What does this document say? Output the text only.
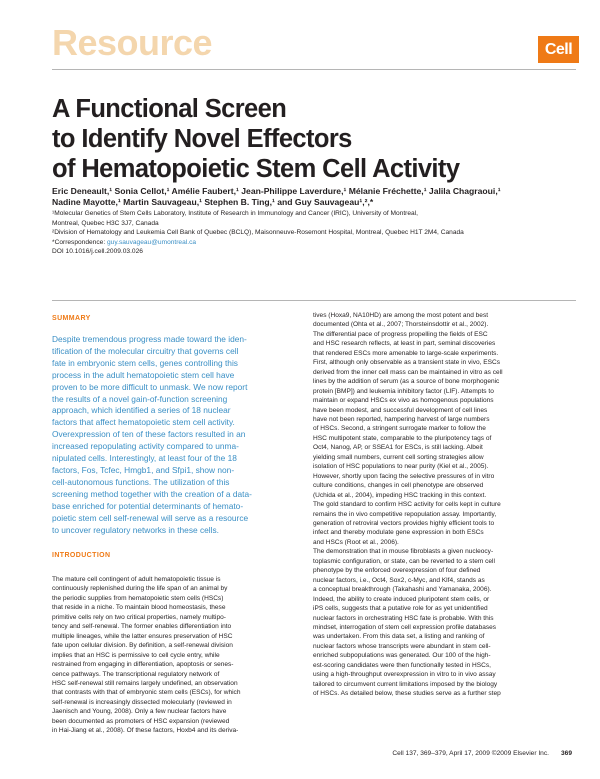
Resource	Cell
A Functional Screen
to Identify Novel Effectors
of Hematopoietic Stem Cell Activity
Eric Deneault,¹ Sonia Cellot,¹ Amélie Faubert,¹ Jean-Philippe Laverdure,¹ Mélanie Fréchette,¹ Jalila Chagraoui,¹
Nadine Mayotte,¹ Martin Sauvageau,¹ Stephen B. Ting,¹ and Guy Sauvageau¹,²,*
¹Molecular Genetics of Stem Cells Laboratory, Institute of Research in Immunology and Cancer (IRIC), University of Montreal,
Montreal, Quebec H3C 3J7, Canada
²Division of Hematology and Leukemia Cell Bank of Quebec (BCLQ), Maisonneuve-Rosemont Hospital, Montreal, Quebec H1T 2M4, Canada
*Correspondence: guy.sauvageau@umontreal.ca
DOI 10.1016/j.cell.2009.03.026
SUMMARY
Despite tremendous progress made toward the iden-
tification of the molecular circuitry that governs cell
fate in embryonic stem cells, genes controlling this
process in the adult hematopoietic stem cell have
proven to be more difficult to unmask. We now report
the results of a novel gain-of-function screening
approach, which identified a series of 18 nuclear
factors that affect hematopoietic stem cell activity.
Overexpression of ten of these factors resulted in an
increased repopulating activity compared to unma-
nipulated cells. Interestingly, at least four of the 18
factors, Fos, Tcfec, Hmgb1, and Sfpi1, show non-
cell-autonomous functions. The utilization of this
screening method together with the creation of a data-
base enriched for potential determinants of hemato-
poietic stem cell self-renewal will serve as a resource
to uncover regulatory networks in these cells.
INTRODUCTION
The mature cell contingent of adult hematopoietic tissue is
continuously replenished during the life span of an animal by
the periodic supplies from hematopoietic stem cells (HSCs)
that reside in a niche. To maintain blood homeostasis, these
primitive cells rely on two critical properties, namely multipo-
tency and self-renewal. The former enables differentiation into
multiple lineages, while the latter ensures preservation of HSC
fate upon cellular division. By definition, a self-renewal division
implies that an HSC is permissive to cell cycle entry, while
restrained from engaging in differentiation, apoptosis or senes-
cence pathways. The transcriptional regulatory network of
HSC self-renewal still remains largely undefined, an observation
that contrasts with that of embryonic stem cells (ESCs), for which
self-renewal is increasingly dissected molecularly (reviewed in
Jaenisch and Young, 2008). Only a few nuclear factors have
been documented as promoters of HSC expansion (reviewed
in Hai-Jiang et al., 2008). Of these factors, Hoxb4 and its deriva-
tives (Hoxa9, NA10HD) are among the most potent and best
documented (Ohta et al., 2007; Thorsteinsdottir et al., 2002).
The differential pace of progress propelling the fields of ESC
and HSC research reflects, at least in part, seminal discoveries
that rendered ESCs more amenable to large-scale experiments.
First, although only observable as a transient state in vivo, ESCs
derived from the inner cell mass can be maintained in vitro as cell
lines by the addition of serum (as a source of bone morphogenic
protein [BMP]) and leukemia inhibitory factor (LIF). Attempts to
maintain or expand HSCs ex vivo as homogenous populations
have been modest, and successful development of cell lines
have not been reported, hampering harvest of large numbers
of HSCs. Second, a stringent surrogate marker to follow the
HSC multipotent state, comparable to the pluripotency tags of
Oct4, Nanog, AP, or SSEA1 for ESCs, is still lacking. Albeit
yielding small numbers, current cell sorting strategies allow
isolation of HSC populations to near purity (Kiel et al., 2005).
However, shortly upon facing the selective pressures of in vitro
culture conditions, changes in cell phenotype are observed
(Uchida et al., 2004), impeding HSC tracking in this context.
The gold standard to confirm HSC activity for cells kept in culture
remains the in vivo competitive repopulation assay. Importantly,
generation of retroviral vectors provides highly efficient tools to
infect and thereby modulate gene expression in both ESCs
and HSCs (Root et al., 2006).
The demonstration that in mouse fibroblasts a given nucleocy-
toplasmic configuration, or state, can be reverted to a stem cell
phenotype by the enforced overexpression of four defined
nuclear factors, i.e., Oct4, Sox2, c-Myc, and Klf4, stands as
a conceptual breakthrough (Takahashi and Yamanaka, 2006).
Indeed, the ability to create induced pluripotent stem cells, or
iPS cells, suggests that a putative role for as yet unidentified
nuclear factors in orchestrating HSC fate is probable. With this
mindset, interrogation of stem cell expression profile databases
was undertaken. From this data set, a listing and ranking of
nuclear factors whose transcripts were abundant in stem cell-
enriched subpopulations was generated. Our 100 of the high-
est-scoring candidates were then functionally tested in HSCs,
using a high-throughput overexpression in vitro to in vivo assay
tailored to circumvent current limitations imposed by the biology
of HSCs. As detailed below, these studies serve as a further step
Cell 137, 369–379, April 17, 2009 ©2009 Elsevier Inc. 369
